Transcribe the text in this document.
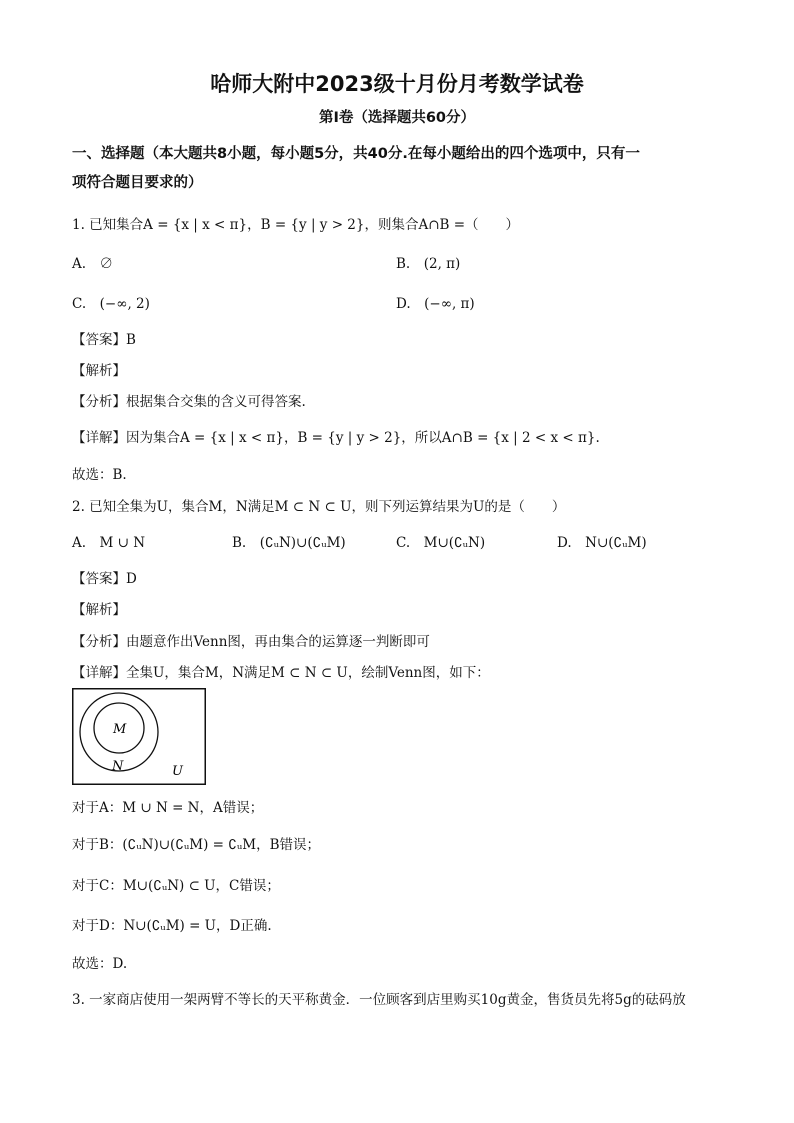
哈师大附中2023级十月份月考数学试卷
第Ⅰ卷（选择题共60分）
一、选择题（本大题共8小题，每小题5分，共40分.在每小题给出的四个选项中，只有一
项符合题目要求的）
1. 已知集合A = {x | x < π}，B = {y | y > 2}，则集合A∩B =（　　）
A.　∅	B.　(2, π)
C.　(−∞, 2)	D.　(−∞, π)
【答案】B
【解析】
【分析】根据集合交集的含义可得答案.
【详解】因为集合A = {x | x < π}，B = {y | y > 2}，所以A∩B = {x | 2 < x < π}.
故选：B.
2. 已知全集为U，集合M，N满足M ⊂ N ⊂ U，则下列运算结果为U的是（　　）
A.　M ∪ N	B.　(∁ᵤN)∪(∁ᵤM)	C.　M∪(∁ᵤN)	D.　N∪(∁ᵤM)
【答案】D
【解析】
【分析】由题意作出Venn图，再由集合的运算逐一判断即可
【详解】全集U，集合M，N满足M ⊂ N ⊂ U，绘制Venn图，如下：
M
N	U
对于A：M ∪ N = N，A错误；
对于B：(∁ᵤN)∪(∁ᵤM) = ∁ᵤM，B错误；
对于C：M∪(∁ᵤN) ⊂ U，C错误；
对于D：N∪(∁ᵤM) = U，D正确.
故选：D.
3. 一家商店使用一架两臂不等长的天平称黄金．一位顾客到店里购买10g黄金，售货员先将5g的砝码放
